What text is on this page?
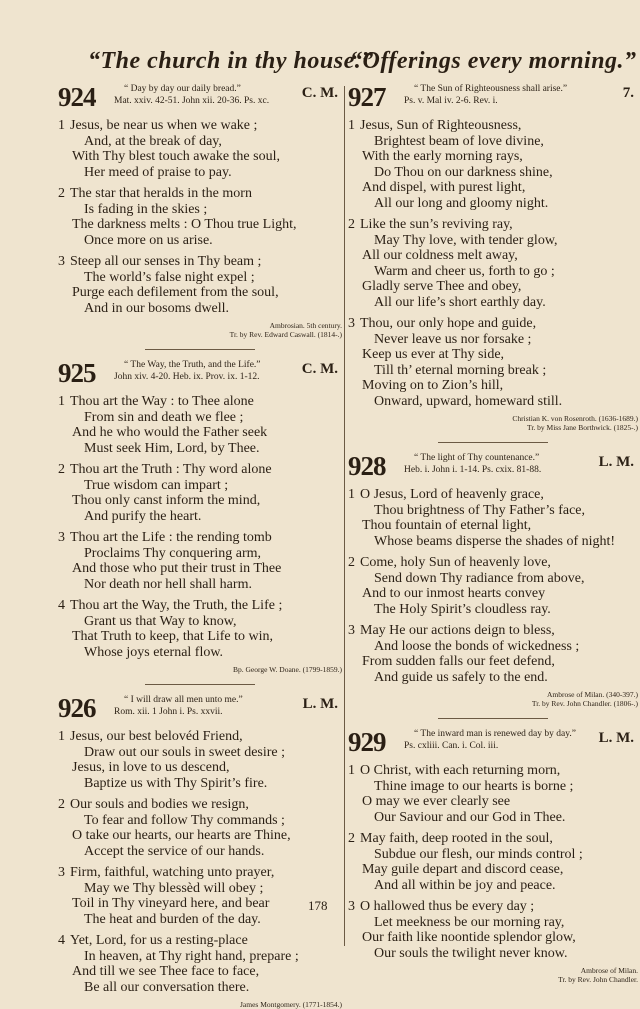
“The church in thy house.”
“Offerings every morning.”
924	“ Day by day our daily bread.”
Mat. xxiv. 42-51. John xii. 20-36. Ps. xc. C. M.
1 Jesus, be near us when we wake ;
And, at the break of day,
With Thy blest touch awake the soul,
Her meed of praise to pay.
2 The star that heralds in the morn
Is fading in the skies ;
The darkness melts : O Thou true Light,
Once more on us arise.
3 Steep all our senses in Thy beam ;
The world’s false night expel ;
Purge each defilement from the soul,
And in our bosoms dwell.
Ambrosian. 5th century.
Tr. by Rev. Edward Caswall. (1814-.)
925	“ The Way, the Truth, and the Life.”
John xiv. 4-20. Heb. ix. Prov. ix. 1-12.	C. M.
1 Thou art the Way : to Thee alone
From sin and death we flee ;
And he who would the Father seek
Must seek Him, Lord, by Thee.
2 Thou art the Truth : Thy word alone
True wisdom can impart ;
Thou only canst inform the mind,
And purify the heart.
3 Thou art the Life : the rending tomb
Proclaims Thy conquering arm,
And those who put their trust in Thee
Nor death nor hell shall harm.
4 Thou art the Way, the Truth, the Life ;
Grant us that Way to know,
That Truth to keep, that Life to win,
Whose joys eternal flow.
Bp. George W. Doane. (1799-1859.)
926	“ I will draw all men unto me.”
Rom. xii. 1 John i. Ps. xxvii.	L. M.
1 Jesus, our best belovéd Friend,
Draw out our souls in sweet desire ;
Jesus, in love to us descend,
Baptize us with Thy Spirit’s fire.
2 Our souls and bodies we resign,
To fear and follow Thy commands ;
O take our hearts, our hearts are Thine,
Accept the service of our hands.
3 Firm, faithful, watching unto prayer,
May we Thy blessèd will obey ;
Toil in Thy vineyard here, and bear
The heat and burden of the day.
4 Yet, Lord, for us a resting-place
In heaven, at Thy right hand, prepare ;
And till we see Thee face to face,
Be all our conversation there.
James Montgomery. (1771-1854.)
927	“ The Sun of Righteousness shall arise.”
Ps. v. Mal iv. 2-6. Rev. i.	7.
1 Jesus, Sun of Righteousness,
Brightest beam of love divine,
With the early morning rays,
Do Thou on our darkness shine,
And dispel, with purest light,
All our long and gloomy night.
2 Like the sun’s reviving ray,
May Thy love, with tender glow,
All our coldness melt away,
Warm and cheer us, forth to go ;
Gladly serve Thee and obey,
All our life’s short earthly day.
3 Thou, our only hope and guide,
Never leave us nor forsake ;
Keep us ever at Thy side,
Till th’ eternal morning break ;
Moving on to Zion’s hill,
Onward, upward, homeward still.
Christian K. von Rosenroth. (1636-1689.)
Tr. by Miss Jane Borthwick. (1825-.)
928	“ The light of Thy countenance.”
Heb. i. John i. 1-14. Ps. cxix. 81-88.	L. M.
1 O Jesus, Lord of heavenly grace,
Thou brightness of Thy Father’s face,
Thou fountain of eternal light,
Whose beams disperse the shades of night!
2 Come, holy Sun of heavenly love,
Send down Thy radiance from above,
And to our inmost hearts convey
The Holy Spirit’s cloudless ray.
3 May He our actions deign to bless,
And loose the bonds of wickedness ;
From sudden falls our feet defend,
And guide us safely to the end.
Ambrose of Milan. (340-397.)
Tr. by Rev. John Chandler. (1806-.)
929	“ The inward man is renewed day by day.”
Ps. cxliii. Can. i. Col. iii.	L. M.
1 O Christ, with each returning morn,
Thine image to our hearts is borne ;
O may we ever clearly see
Our Saviour and our God in Thee.
2 May faith, deep rooted in the soul,
Subdue our flesh, our minds control ;
May guile depart and discord cease,
And all within be joy and peace.
3 O hallowed thus be every day ;
Let meekness be our morning ray,
Our faith like noontide splendor glow,
Our souls the twilight never know.
Ambrose of Milan.
Tr. by Rev. John Chandler.
178
